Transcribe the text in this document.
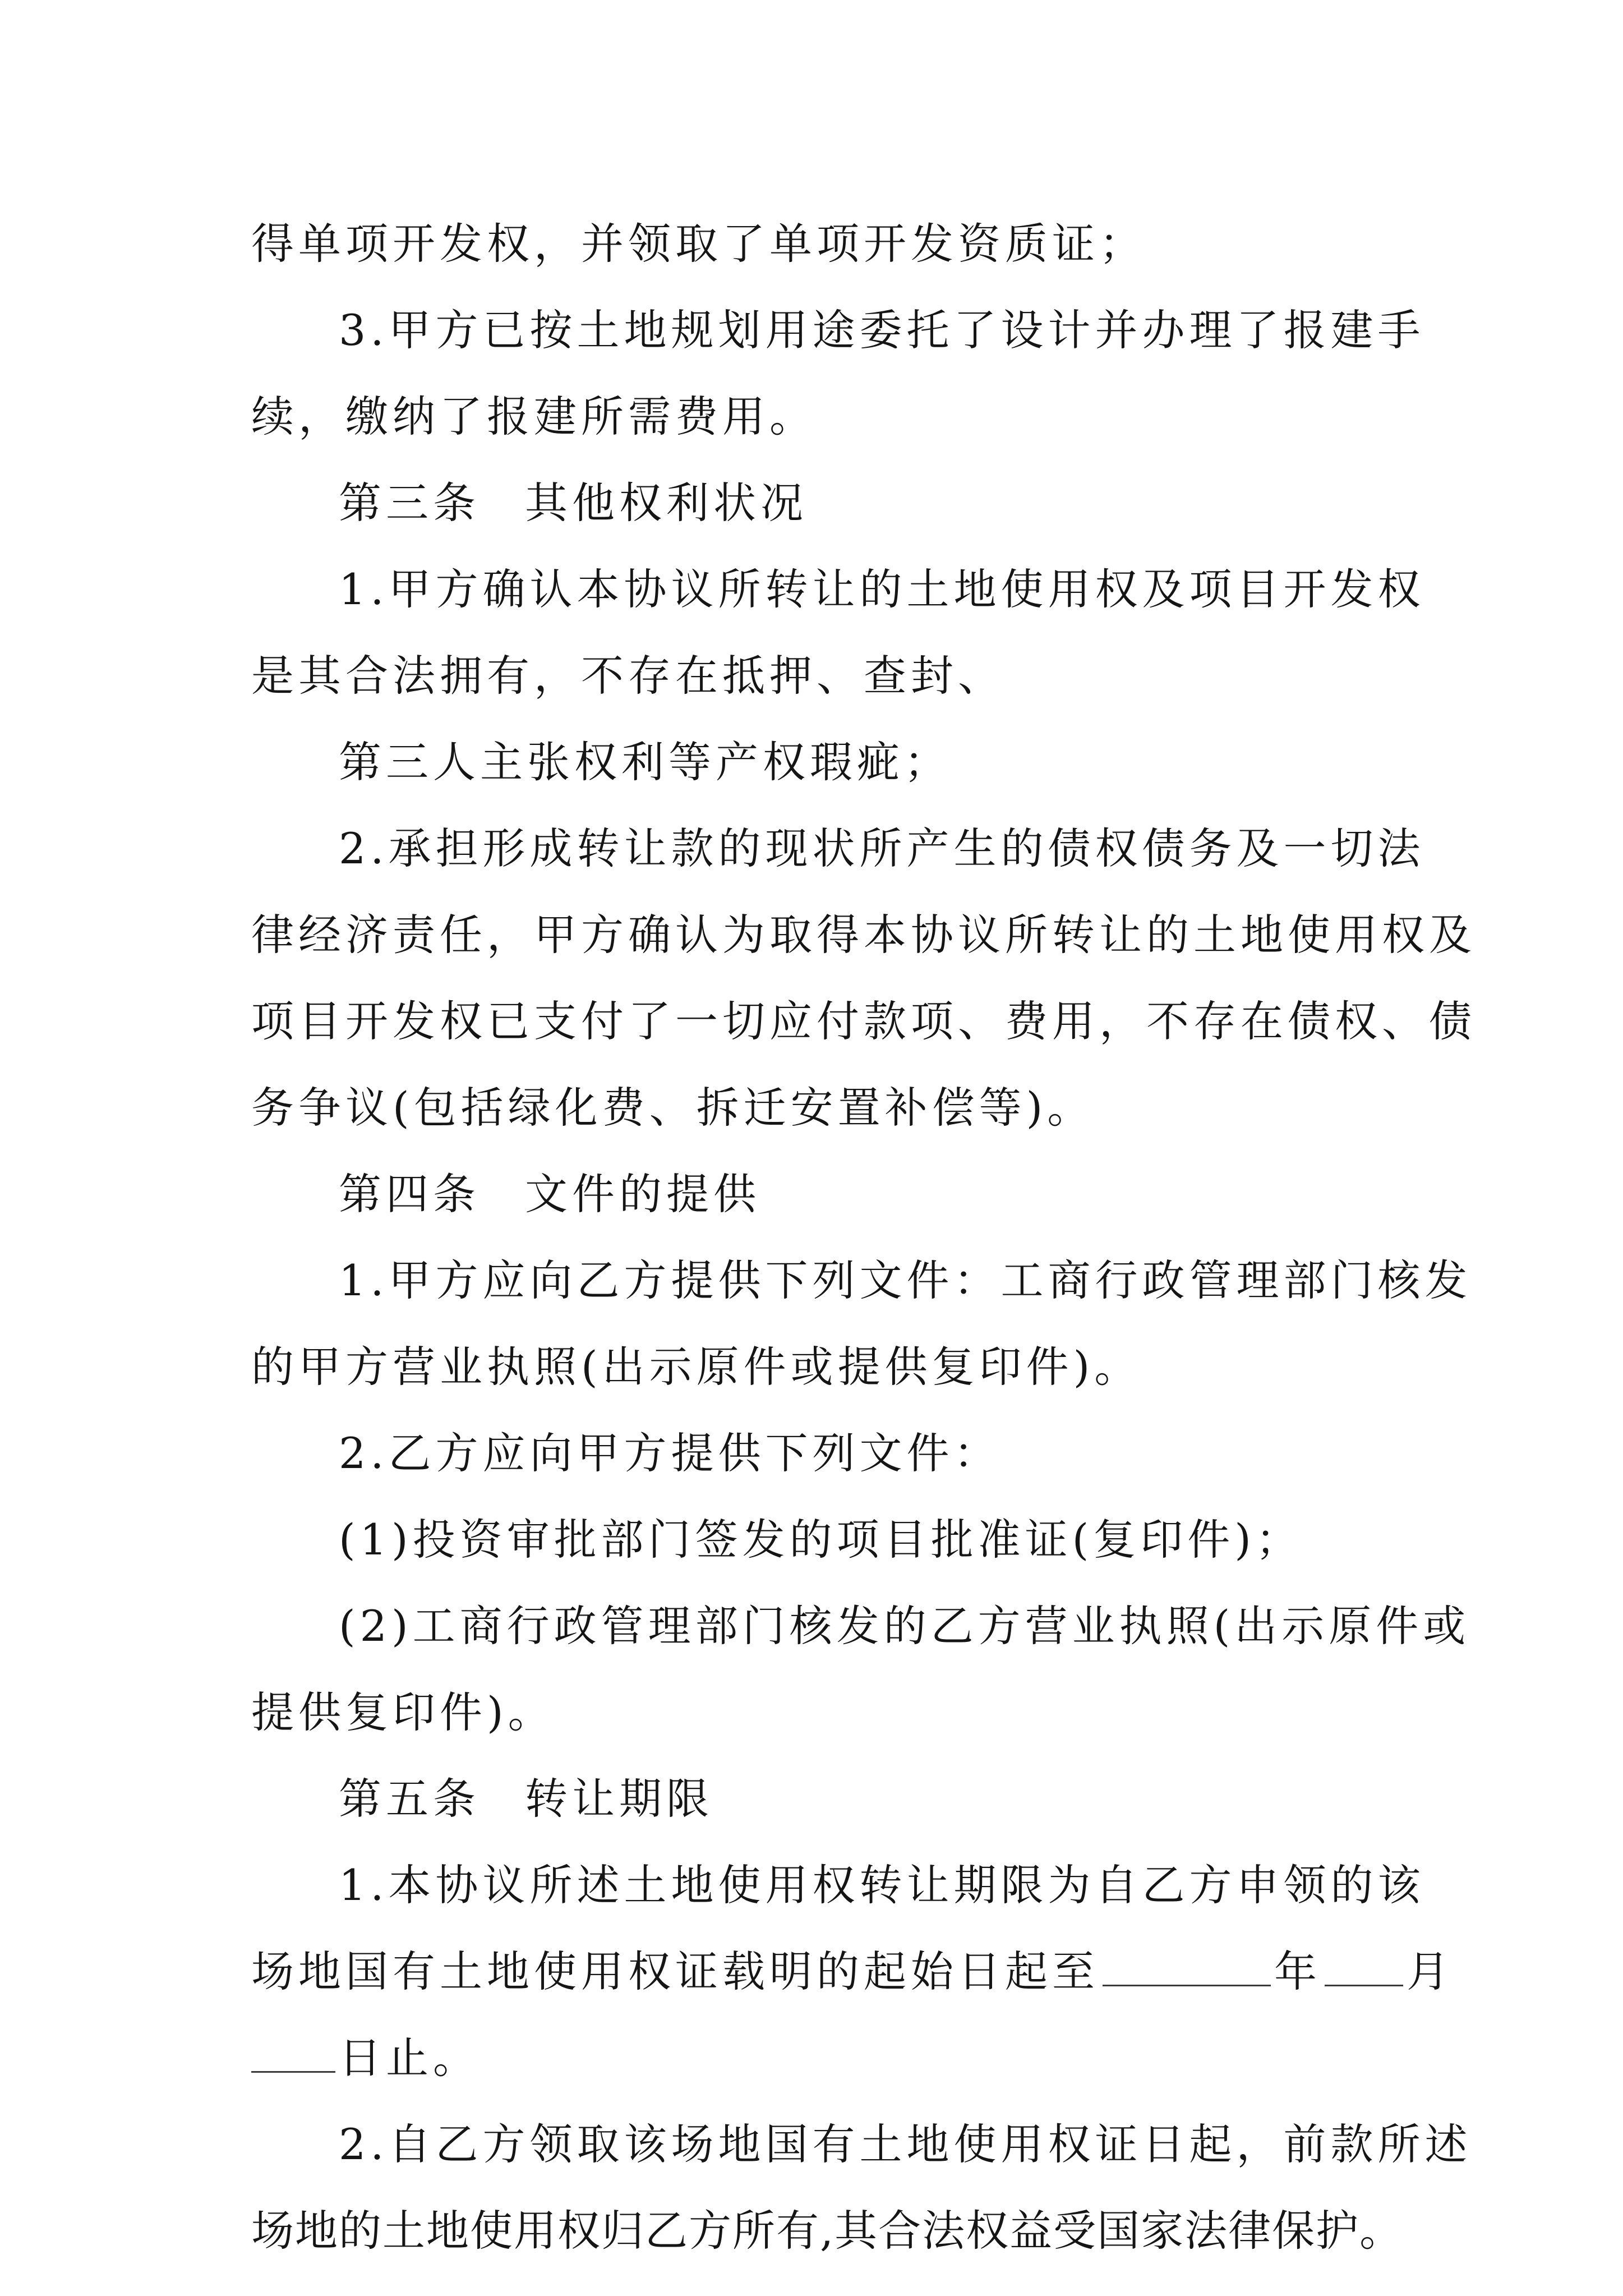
得单项开发权，并领取了单项开发资质证；
3.甲方已按土地规划用途委托了设计并办理了报建手
续，缴纳了报建所需费用。
第三条 其他权利状况
1.甲方确认本协议所转让的土地使用权及项目开发权
是其合法拥有，不存在抵押、查封、
第三人主张权利等产权瑕疵；
2.承担形成转让款的现状所产生的债权债务及一切法
律经济责任，甲方确认为取得本协议所转让的土地使用权及
项目开发权已支付了一切应付款项、费用，不存在债权、债
务争议(包括绿化费、拆迁安置补偿等)。
第四条 文件的提供
1.甲方应向乙方提供下列文件：工商行政管理部门核发
的甲方营业执照(出示原件或提供复印件)。
2.乙方应向甲方提供下列文件：
(1)投资审批部门签发的项目批准证(复印件)；
(2)工商行政管理部门核发的乙方营业执照(出示原件或
提供复印件)。
第五条 转让期限
1.本协议所述土地使用权转让期限为自乙方申领的该
场地国有土地使用权证载明的起始日起至	年 月
日止。
2.自乙方领取该场地国有土地使用权证日起，前款所述
场地的土地使用权归乙方所有,其合法权益受国家法律保护。
